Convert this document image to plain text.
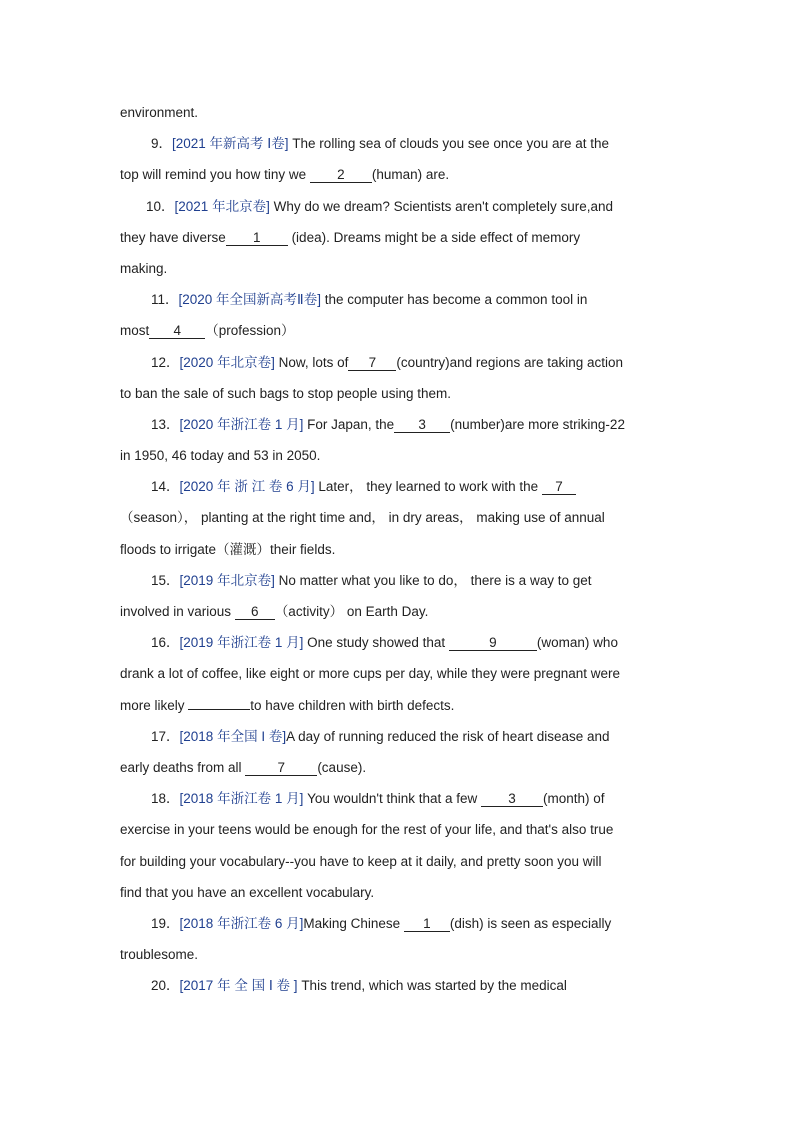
environment.
9．[2021 年新高考 Ⅰ卷] The rolling sea of clouds you see once you are at the
top will remind you how tiny we 2 (human) are.
10．[2021 年北京卷] Why do we dream? Scientists aren't completely sure,and
they have diverse 1 (idea). Dreams might be a side effect of memory
making.
11．[2020 年全国新高考Ⅱ卷] the computer has become a common tool in
most 4 （profession）
12．[2020 年北京卷] Now, lots of 7 (country)and regions are taking action
to ban the sale of such bags to stop people using them.
13．[2020 年浙江卷 1 月] For Japan, the 3 (number)are more striking-22
in 1950, 46 today and 53 in 2050.
14．[2020 年 浙 江 卷 6 月] Later， they learned to work with the 7
（season）， planting at the right time and， in dry areas， making use of annual
floods to irrigate（灌溉）their fields.
15．[2019 年北京卷] No matter what you like to do， there is a way to get
involved in various 6 （activity） on Earth Day.
16．[2019 年浙江卷 1 月] One study showed that	9	(woman) who
drank a lot of coffee, like eight or more cups per day, while they were pregnant were
more likely	to have children with birth defects.
17．[2018 年全国 I 卷]A day of running reduced the risk of heart disease and
early deaths from all 7 (cause).
18．[2018 年浙江卷 1 月] You wouldn't think that a few 3 (month) of
exercise in your teens would be enough for the rest of your life, and that's also true
for building your vocabulary--you have to keep at it daily, and pretty soon you will
find that you have an excellent vocabulary.
19．[2018 年浙江卷 6 月]Making Chinese 1 (dish) is seen as especially
troublesome.
20．[2017 年 全 国 Ⅰ 卷 ] This trend, which was started by the medical
